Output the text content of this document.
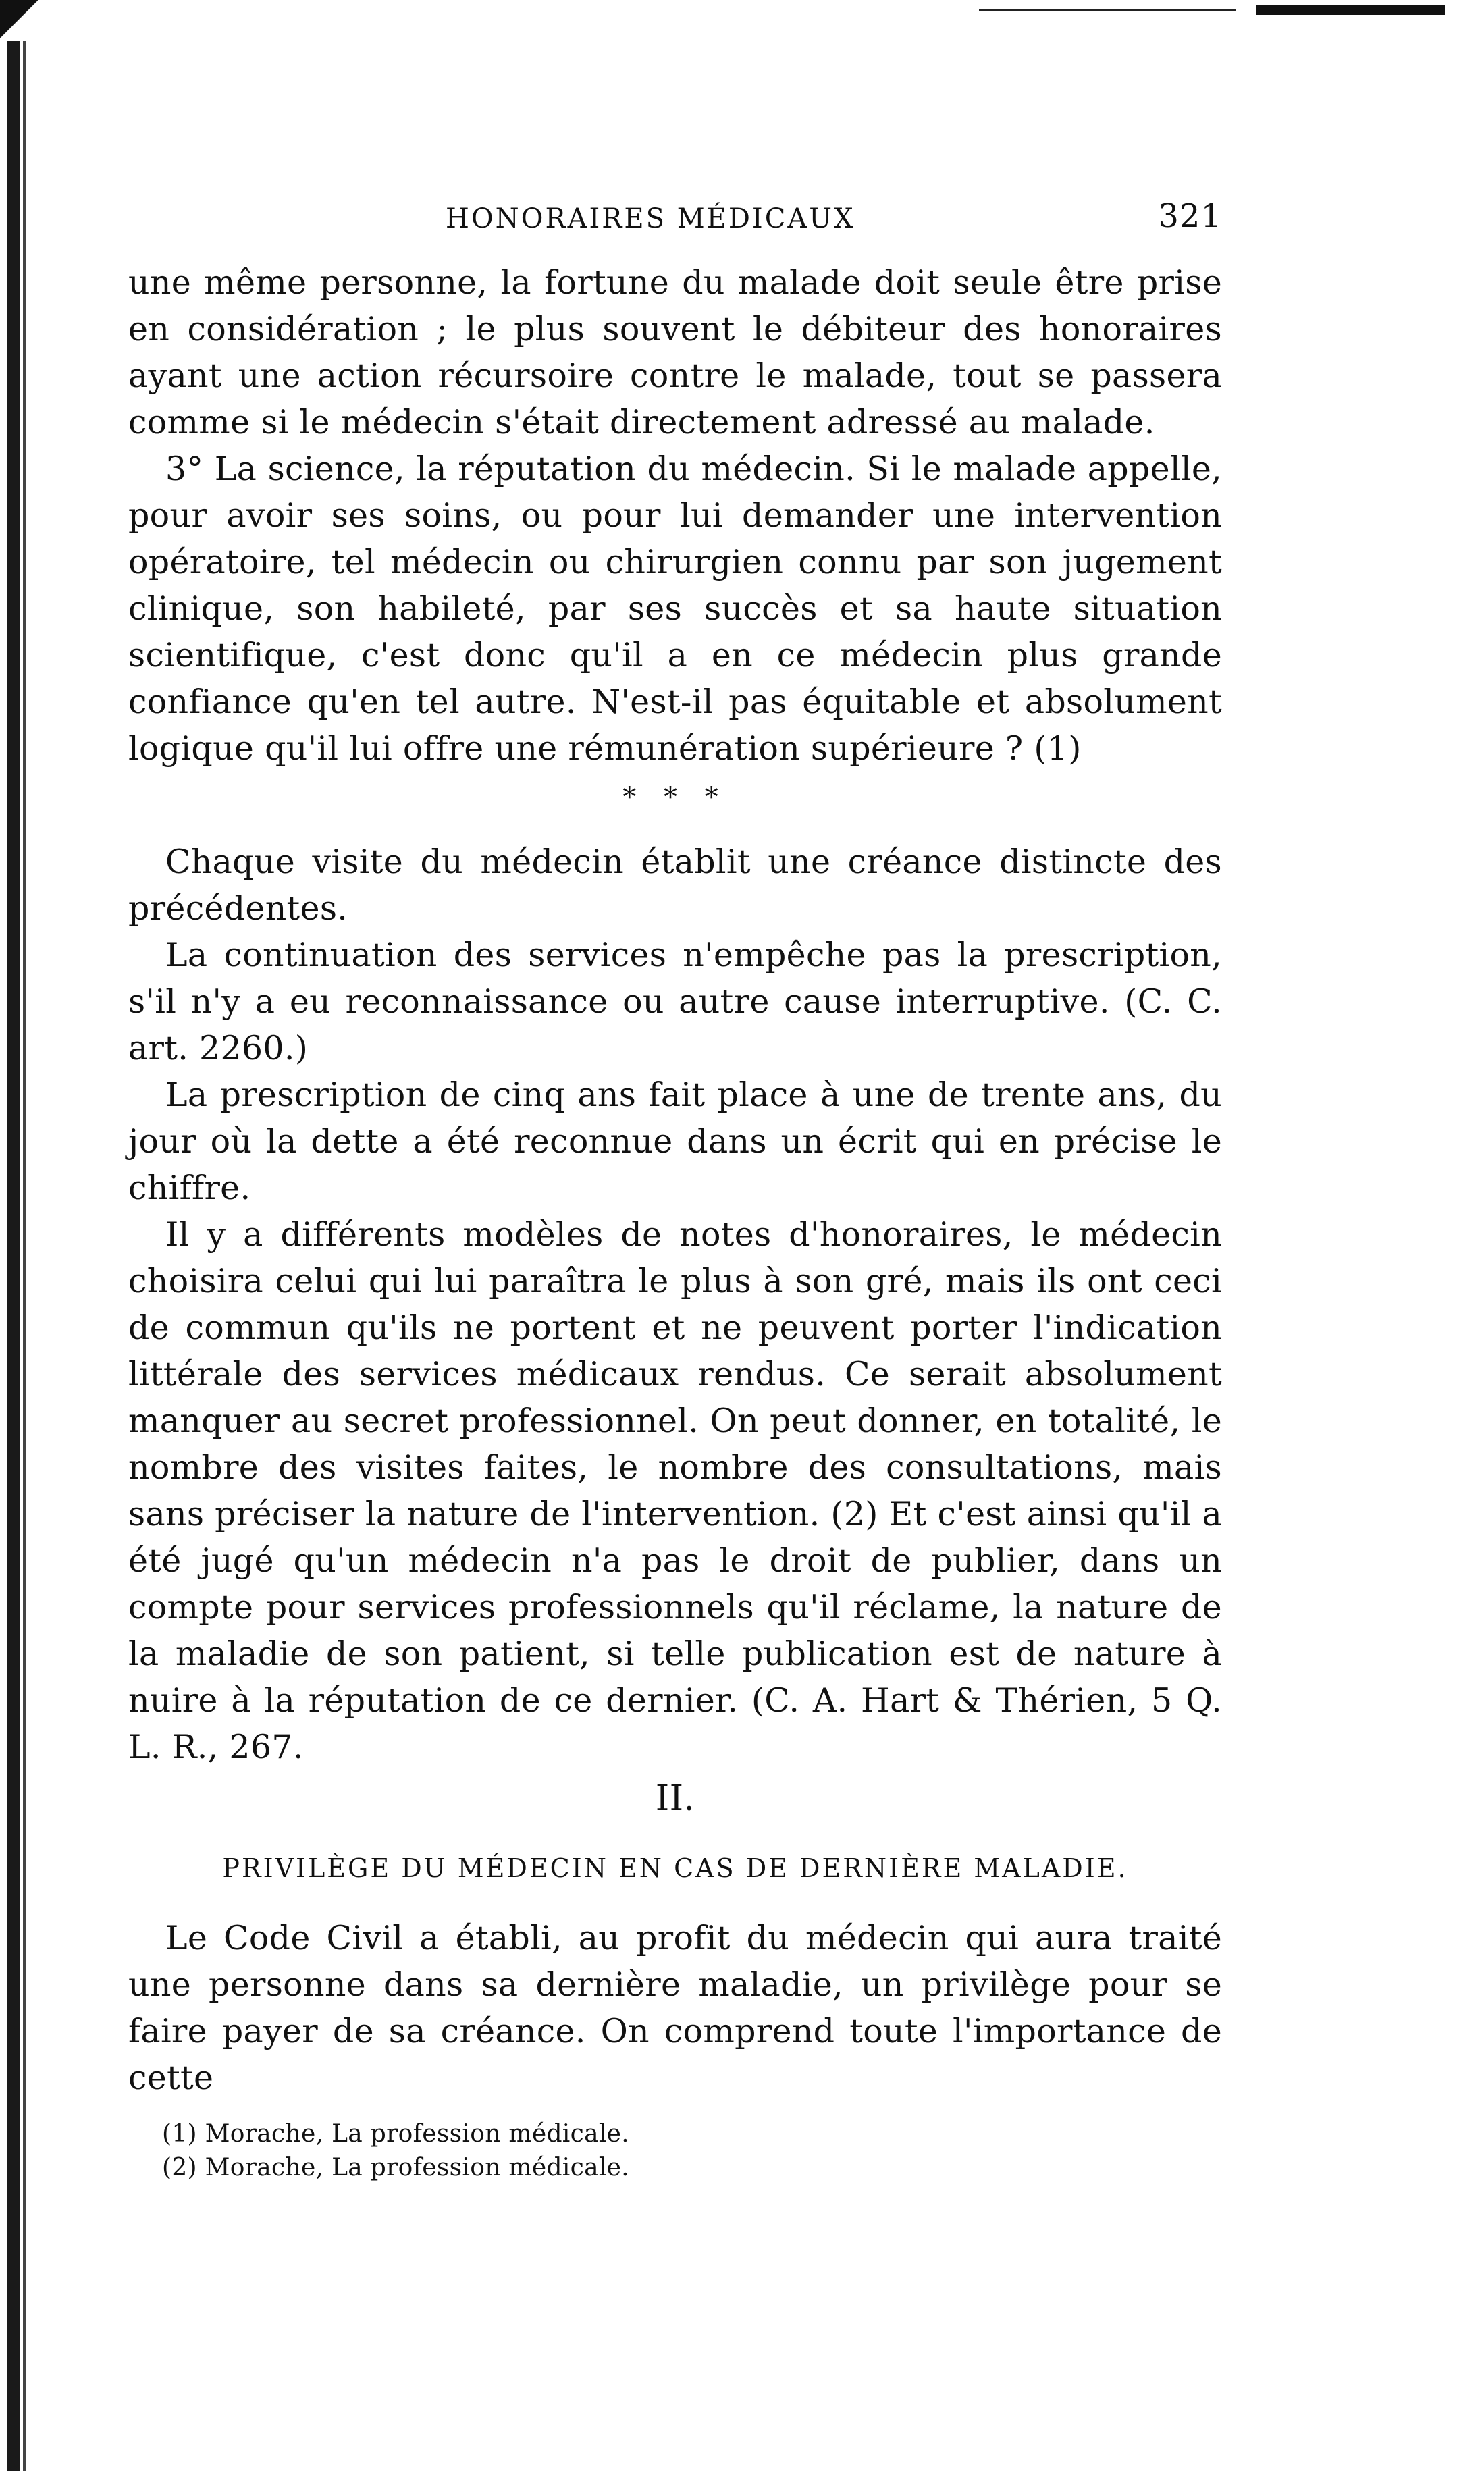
HONORAIRES MÉDICAUX	321

une même personne, la fortune du malade doit seule être prise en considération ; le plus souvent le débiteur des honoraires ayant une action récursoire contre le malade, tout se passera comme si le médecin s'était directement adressé au malade.

3° La science, la réputation du médecin. Si le malade appelle, pour avoir ses soins, ou pour lui demander une intervention opératoire, tel médecin ou chirurgien connu par son jugement clinique, son habileté, par ses succès et sa haute situation scientifique, c'est donc qu'il a en ce médecin plus grande confiance qu'en tel autre. N'est-il pas équitable et absolument logique qu'il lui offre une rémunération supérieure ? (1)

* * *

Chaque visite du médecin établit une créance distincte des précédentes.

La continuation des services n'empêche pas la prescription, s'il n'y a eu reconnaissance ou autre cause interruptive. (C. C. art. 2260.)

La prescription de cinq ans fait place à une de trente ans, du jour où la dette a été reconnue dans un écrit qui en précise le chiffre.

Il y a différents modèles de notes d'honoraires, le médecin choisira celui qui lui paraîtra le plus à son gré, mais ils ont ceci de commun qu'ils ne portent et ne peuvent porter l'indication littérale des services médicaux rendus. Ce serait absolument manquer au secret professionnel. On peut donner, en totalité, le nombre des visites faites, le nombre des consultations, mais sans préciser la nature de l'intervention. (2) Et c'est ainsi qu'il a été jugé qu'un médecin n'a pas le droit de publier, dans un compte pour services professionnels qu'il réclame, la nature de la maladie de son patient, si telle publication est de nature à nuire à la réputation de ce dernier. (C. A. Hart & Thérien, 5 Q. L. R., 267.

II.
PRIVILÈGE DU MÉDECIN EN CAS DE DERNIÈRE MALADIE.

Le Code Civil a établi, au profit du médecin qui aura traité une personne dans sa dernière maladie, un privilège pour se faire payer de sa créance. On comprend toute l'importance de cette

(1) Morache, La profession médicale.
(2) Morache, La profession médicale.
